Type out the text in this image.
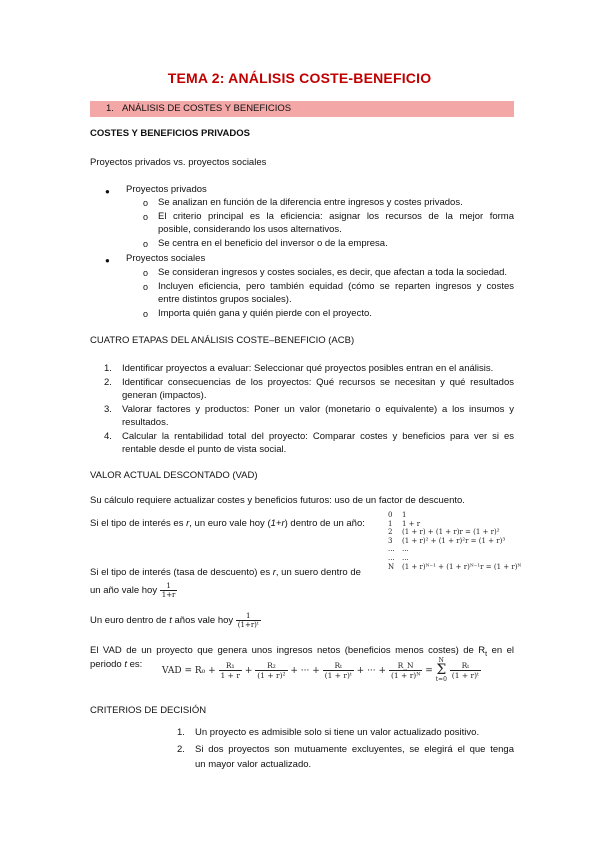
TEMA 2: ANÁLISIS COSTE-BENEFICIO
1. ANÁLISIS DE COSTES Y BENEFICIOS
COSTES Y BENEFICIOS PRIVADOS
Proyectos privados vs. proyectos sociales
● Proyectos privados
o Se analizan en función de la diferencia entre ingresos y costes privados.
o El criterio principal es la eficiencia: asignar los recursos de la mejor forma
posible, considerando los usos alternativos.
o Se centra en el beneficio del inversor o de la empresa.
● Proyectos sociales
o Se consideran ingresos y costes sociales, es decir, que afectan a toda la sociedad.
o Incluyen eficiencia, pero también equidad (cómo se reparten ingresos y costes
entre distintos grupos sociales).
o Importa quién gana y quién pierde con el proyecto.
CUATRO ETAPAS DEL ANÁLISIS COSTE–BENEFICIO (ACB)
1. Identificar proyectos a evaluar: Seleccionar qué proyectos posibles entran en el análisis.
2. Identificar consecuencias de los proyectos: Qué recursos se necesitan y qué resultados
generan (impactos).
3. Valorar factores y productos: Poner un valor (monetario o equivalente) a los insumos y
resultados.
4. Calcular la rentabilidad total del proyecto: Comparar costes y beneficios para ver si es
rentable desde el punto de vista social.
VALOR ACTUAL DESCONTADO (VAD)
Su cálculo requiere actualizar costes y beneficios futuros: uso de un factor de descuento.
Si el tipo de interés es r, un euro vale hoy (1+r) dentro de un año:
0 1
1 1 + r
2 (1 + r) + (1 + r)r = (1 + r)²
3 (1 + r)² + (1 + r)²r = (1 + r)³
... ...
... ...
N (1 + r)ᴺ⁻¹ + (1 + r)ᴺ⁻¹r = (1 + r)ᴺ
Si el tipo de interés (tasa de descuento) es r, un suero dentro de
un año vale hoy $\frac{1}{1+r}$
Un euro dentro de t años vale hoy $\frac{1}{\text{(1+r)ᵗ}}$
El VAD de un proyecto que genera unos ingresos netos (beneficios menos costes) de $R_t$ en el
periodo t es:
VAD = $R_0 + \frac{\text{R₁}}{1 + r} + \frac{\text{R₂}}{\text{(1 + r)²}}$ + ··· + $\frac{\text{Rₜ}}{\text{(1 + r)ᵗ}}$ + ··· + $\frac{R\_N}{\text{(1 + r)ᴺ}} = N$
Σ
$t=0 \frac{\text{Rₜ}}{\text{(1 + r)ᵗ}}$
CRITERIOS DE DECISIÓN
1. Un proyecto es admisible solo si tiene un valor actualizado positivo.
2. Si dos proyectos son mutuamente excluyentes, se elegirá el que tenga
un mayor valor actualizado.
